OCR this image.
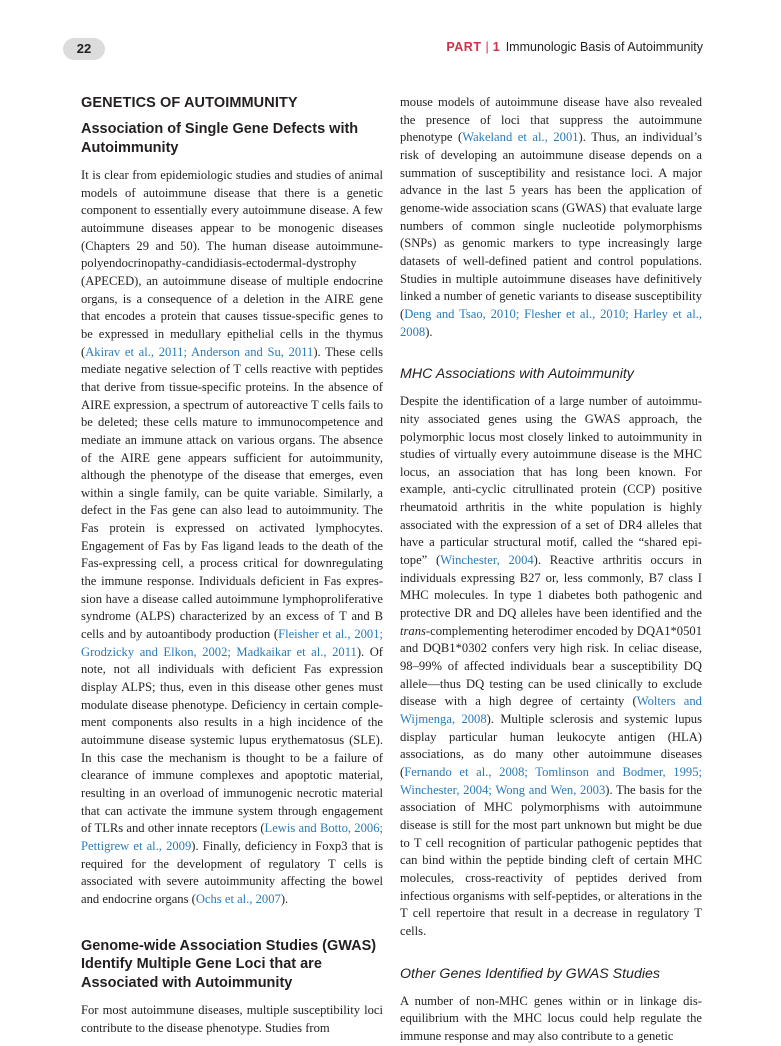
22	PART | 1 Immunologic Basis of Autoimmunity
GENETICS OF AUTOIMMUNITY
Association of Single Gene Defects with Autoimmunity

It is clear from epidemiologic studies and studies of animal models of autoimmune disease that there is a genetic component to essentially every autoimmune disease. A few autoimmune diseases appear to be monogenic diseases (Chapters 29 and 50). The human disease autoimmune-polyendocrinopathy-candidiasis-ectodermal-dystrophy (APECED), an autoimmune disease of multiple endocrine organs, is a consequence of a deletion in the AIRE gene that encodes a protein that causes tissue-specific genes to be expressed in medullary epithelial cells in the thymus (Akirav et al., 2011; Anderson and Su, 2011). These cells mediate negative selection of T cells reactive with peptides that derive from tissue-specific proteins. In the absence of AIRE expression, a spectrum of autoreactive T cells fails to be deleted; these cells mature to immunocompetence and mediate an immune attack on various organs. The absence of the AIRE gene appears sufficient for autoimmunity, although the phenotype of the disease that emerges, even within a single family, can be quite variable. Similarly, a defect in the Fas gene can also lead to autoimmunity. The Fas protein is expressed on activated lymphocytes. Engagement of Fas by Fas ligand leads to the death of the Fas-expressing cell, a process critical for downregulating the immune response. Individuals deficient in Fas expression have a disease called autoimmune lymphoproliferative syndrome (ALPS) characterized by an excess of T and B cells and by autoantibody production (Fleisher et al., 2001; Grodzicky and Elkon, 2002; Madkaikar et al., 2011). Of note, not all individuals with deficient Fas expression display ALPS; thus, even in this disease other genes must modulate disease phenotype. Deficiency in certain complement components also results in a high incidence of the autoimmune disease systemic lupus erythematosus (SLE). In this case the mechanism is thought to be a failure of clearance of immune complexes and apoptotic material, resulting in an overload of immunogenic necrotic material that can activate the immune system through engagement of TLRs and other innate receptors (Lewis and Botto, 2006; Pettigrew et al., 2009). Finally, deficiency in Foxp3 that is required for the development of regulatory T cells is associated with severe autoimmunity affecting the bowel and endocrine organs (Ochs et al., 2007).

Genome-wide Association Studies (GWAS) Identify Multiple Gene Loci that are Associated with Autoimmunity

For most autoimmune diseases, multiple susceptibility loci contribute to the disease phenotype. Studies from

mouse models of autoimmune disease have also revealed the presence of loci that suppress the autoimmune phenotype (Wakeland et al., 2001). Thus, an individual’s risk of developing an autoimmune disease depends on a summation of susceptibility and resistance loci. A major advance in the last 5 years has been the application of genome-wide association scans (GWAS) that evaluate large numbers of common single nucleotide polymorphisms (SNPs) as genomic markers to type increasingly large datasets of well-defined patient and control populations. Studies in multiple autoimmune diseases have definitively linked a number of genetic variants to disease susceptibility (Deng and Tsao, 2010; Flesher et al., 2010; Harley et al., 2008).

MHC Associations with Autoimmunity

Despite the identification of a large number of autoimmunity associated genes using the GWAS approach, the polymorphic locus most closely linked to autoimmunity in studies of virtually every autoimmune disease is the MHC locus, an association that has long been known. For example, anti-cyclic citrullinated protein (CCP) positive rheumatoid arthritis in the white population is highly associated with the expression of a set of DR4 alleles that have a particular structural motif, called the “shared epitope” (Winchester, 2004). Reactive arthritis occurs in individuals expressing B27 or, less commonly, B7 class I MHC molecules. In type 1 diabetes both pathogenic and protective DR and DQ alleles have been identified and the trans-complementing heterodimer encoded by DQA1*0501 and DQB1*0302 confers very high risk. In celiac disease, 98‒99% of affected individuals bear a susceptibility DQ allele—thus DQ testing can be used clinically to exclude disease with a high degree of certainty (Wolters and Wijmenga, 2008). Multiple sclerosis and systemic lupus display particular human leukocyte antigen (HLA) associations, as do many other autoimmune diseases (Fernando et al., 2008; Tomlinson and Bodmer, 1995; Winchester, 2004; Wong and Wen, 2003). The basis for the association of MHC polymorphisms with autoimmune disease is still for the most part unknown but might be due to T cell recognition of particular pathogenic peptides that can bind within the peptide binding cleft of certain MHC molecules, cross-reactivity of peptides derived from infectious organisms with self-peptides, or alterations in the T cell repertoire that result in a decrease in regulatory T cells.

Other Genes Identified by GWAS Studies

A number of non-MHC genes within or in linkage disequilibrium with the MHC locus could help regulate the immune response and may also contribute to a genetic
